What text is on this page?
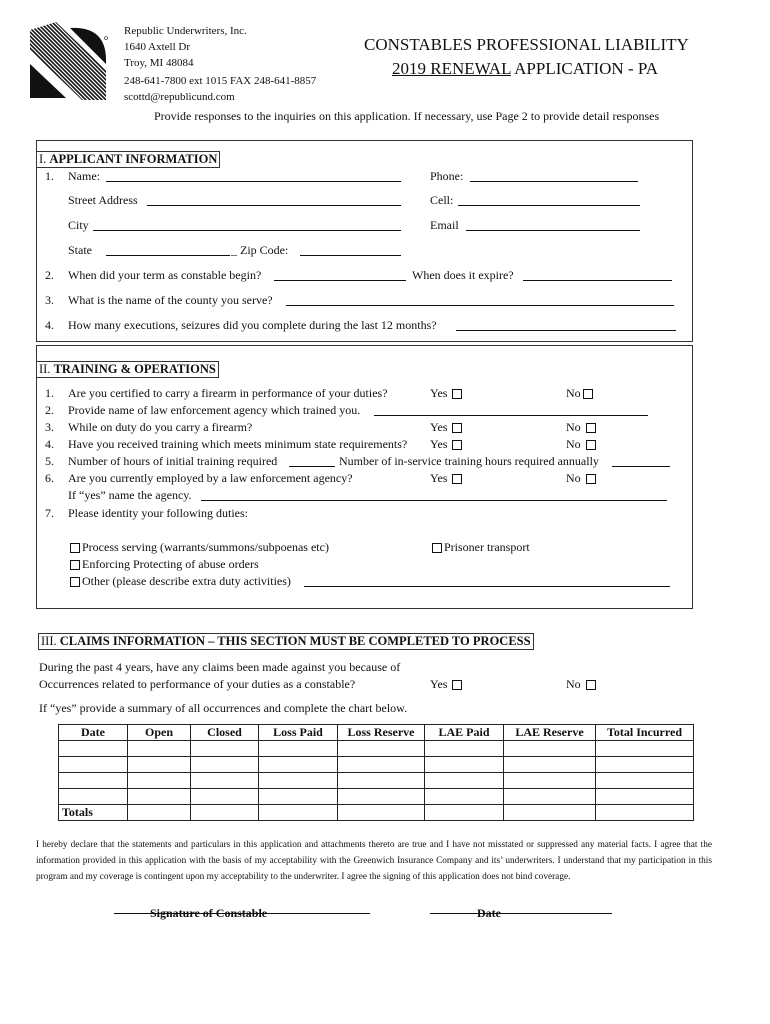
Republic Underwriters, Inc.
1640 Axtell Dr
Troy, MI 48084
248-641-7800 ext 1015 FAX 248-641-8857
scottd@republicund.com
CONSTABLES PROFESSIONAL LIABILITY
2019 RENEWAL APPLICATION - PA
Provide responses to the inquiries on this application. If necessary, use Page 2 to provide detail responses
I. APPLICANT INFORMATION
1. Name:	Phone:
Street Address	Cell:
City	Email
State	_ Zip Code:
2. When did your term as constable begin?	When does it expire?
3. What is the name of the county you serve?
4. How many executions, seizures did you complete during the last 12 months?
II. TRAINING & OPERATIONS
1. Are you certified to carry a firearm in performance of your duties?	Yes	No
2. Provide name of law enforcement agency which trained you.
3. While on duty do you carry a firearm?	Yes	No
4. Have you received training which meets minimum state requirements? Yes	No
5. Number of hours of initial training required	Number of in-service training hours required annually
6. Are you currently employed by a law enforcement agency?	Yes	No
If “yes” name the agency.
7. Please identity your following duties:
Process serving (warrants/summons/subpoenas etc)	Prisoner transport
Enforcing Protecting of abuse orders
Other (please describe extra duty activities)
III. CLAIMS INFORMATION – THIS SECTION MUST BE COMPLETED TO PROCESS
During the past 4 years, have any claims been made against you because of
Occurrences related to performance of your duties as a constable?	Yes	No
If “yes” provide a summary of all occurrences and complete the chart below.
Date	Open	Closed	Loss Paid	Loss Reserve	LAE Paid	LAE Reserve	Total Incurred

Totals							
I hereby declare that the statements and particulars in this application and attachments thereto are true and I have not misstated or suppressed any material facts. I agree that the information provided in this application with the basis of my acceptability with the Greenwich Insurance Company and its’ underwriters. I understand that my participation in this program and my coverage is contingent upon my acceptability to the underwriter. I agree the signing of this application does not bind coverage.
Signature of Constable	Date
